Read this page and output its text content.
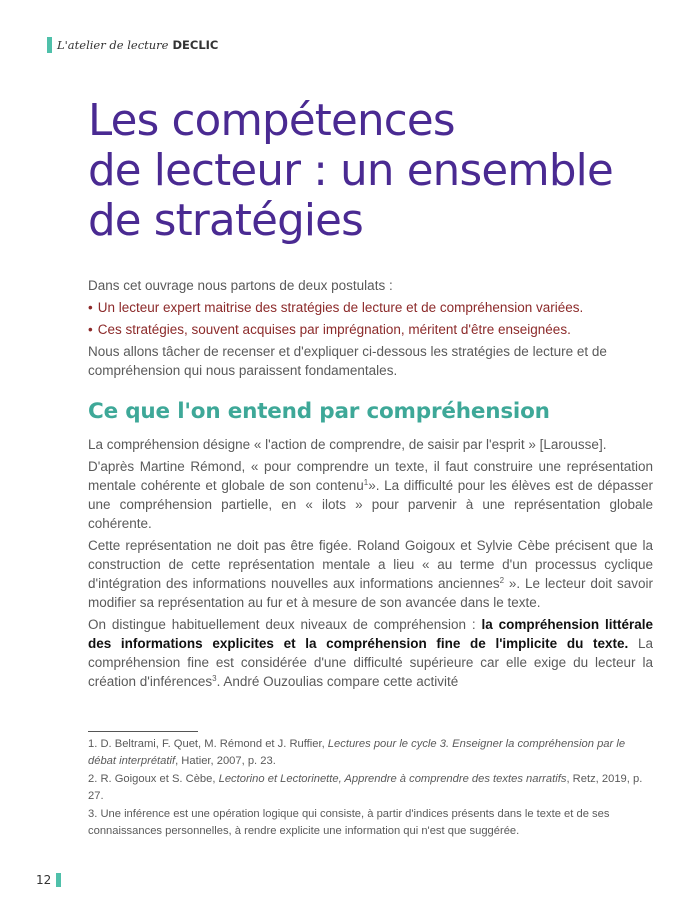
L'atelier de lecture DECLIC
Les compétences
de lecteur : un ensemble
de stratégies

Dans cet ouvrage nous partons de deux postulats :

• Un lecteur expert maitrise des stratégies de lecture et de compréhension variées.

• Ces stratégies, souvent acquises par imprégnation, méritent d'être enseignées.

Nous allons tâcher de recenser et d'expliquer ci-dessous les stratégies de lecture et de compréhension qui nous paraissent fondamentales.

Ce que l'on entend par compréhension

La compréhension désigne « l'action de comprendre, de saisir par l'esprit » [Larousse].

D'après Martine Rémond, « pour comprendre un texte, il faut construire une représentation mentale cohérente et globale de son contenu$^1$». La difficulté pour les élèves est de dépasser une compréhension partielle, en « ilots » pour parvenir à une représentation globale cohérente.

Cette représentation ne doit pas être figée. Roland Goigoux et Sylvie Cèbe précisent que la construction de cette représentation mentale a lieu « au terme d'un processus cyclique d'intégration des informations nouvelles aux informations anciennes$^2$ ». Le lecteur doit savoir modifier sa représentation au fur et à mesure de son avancée dans le texte.

On distingue habituellement deux niveaux de compréhension : la compréhension littérale des informations explicites et la compréhension fine de l'implicite du texte. La compréhension fine est considérée d'une difficulté supérieure car elle exige du lecteur la création d'inférences$^3$. André Ouzoulias compare cette activité

1. D. Beltrami, F. Quet, M. Rémond et J. Ruffier, Lectures pour le cycle 3. Enseigner la compréhension par le débat interprétatif, Hatier, 2007, p. 23.

2. R. Goigoux et S. Cèbe, Lectorino et Lectorinette, Apprendre à comprendre des textes narratifs, Retz, 2019, p. 27.

3. Une inférence est une opération logique qui consiste, à partir d'indices présents dans le texte et de ses connaissances personnelles, à rendre explicite une information qui n'est que suggérée.

12
